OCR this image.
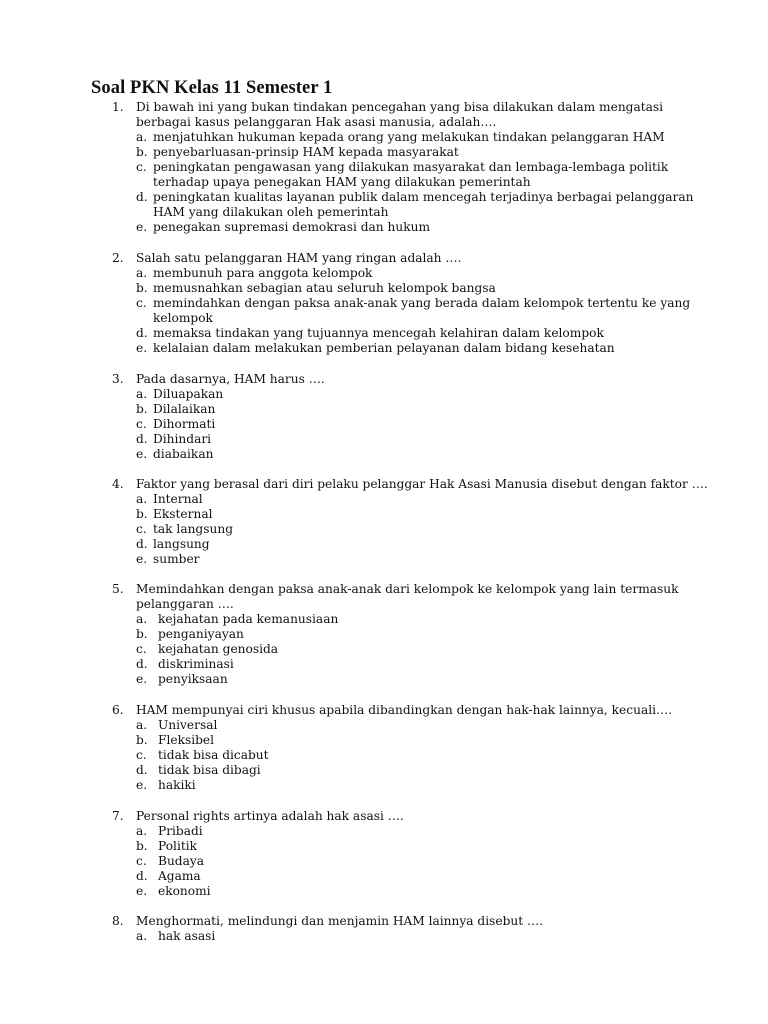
Soal PKN Kelas 11 Semester 1
1.	Di bawah ini yang bukan tindakan pencegahan yang bisa dilakukan dalam mengatasi berbagai kasus pelanggaran Hak asasi manusia, adalah….
a. menjatuhkan hukuman kepada orang yang melakukan tindakan pelanggaran HAM
b. penyebarluasan-prinsip HAM kepada masyarakat
c. peningkatan pengawasan yang dilakukan masyarakat dan lembaga-lembaga politik terhadap upaya penegakan HAM yang dilakukan pemerintah
d. peningkatan kualitas layanan publik dalam mencegah terjadinya berbagai pelanggaran HAM yang dilakukan oleh pemerintah
e. penegakan supremasi demokrasi dan hukum
2.	Salah satu pelanggaran HAM yang ringan adalah ….
a. membunuh para anggota kelompok
b. memusnahkan sebagian atau seluruh kelompok bangsa
c. memindahkan dengan paksa anak-anak yang berada dalam kelompok tertentu ke yang kelompok
d. memaksa tindakan yang tujuannya mencegah kelahiran dalam kelompok
e. kelalaian dalam melakukan pemberian pelayanan dalam bidang kesehatan
3.	Pada dasarnya, HAM harus ….
a. Diluapakan
b. Dilalaikan
c. Dihormati
d. Dihindari
e. diabaikan
4.	Faktor yang berasal dari diri pelaku pelanggar Hak Asasi Manusia disebut dengan faktor ….
a. Internal
b. Eksternal
c. tak langsung
d. langsung
e. sumber
5.	Memindahkan dengan paksa anak-anak dari kelompok ke kelompok yang lain termasuk pelanggaran ….
a. kejahatan pada kemanusiaan
b. penganiyayan
c. kejahatan genosida
d. diskriminasi
e. penyiksaan
6.	HAM mempunyai ciri khusus apabila dibandingkan dengan hak-hak lainnya, kecuali….
a. Universal
b. Fleksibel
c. tidak bisa dicabut
d. tidak bisa dibagi
e. hakiki
7.	Personal rights artinya adalah hak asasi ….
a. Pribadi
b. Politik
c. Budaya
d. Agama
e. ekonomi
8.	Menghormati, melindungi dan menjamin HAM lainnya disebut ….
a. hak asasi
